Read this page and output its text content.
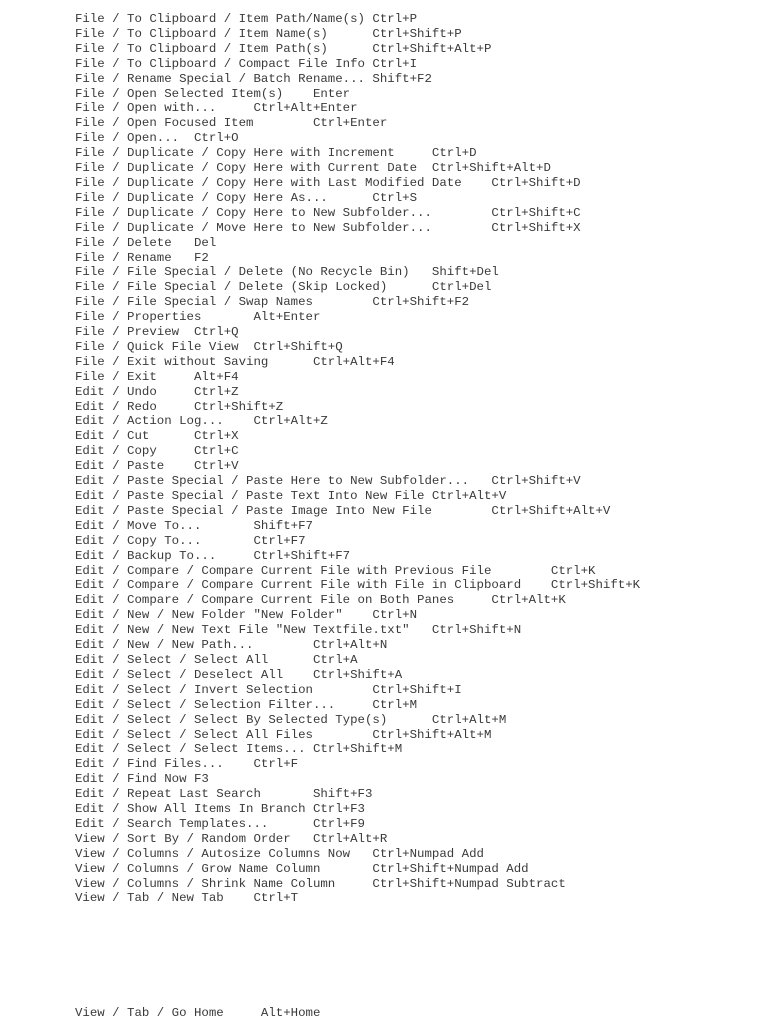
File / To Clipboard / Item Path/Name(s) Ctrl+P
File / To Clipboard / Item Name(s)      Ctrl+Shift+P
File / To Clipboard / Item Path(s)      Ctrl+Shift+Alt+P
File / To Clipboard / Compact File Info Ctrl+I
File / Rename Special / Batch Rename... Shift+F2
File / Open Selected Item(s)    Enter
File / Open with...     Ctrl+Alt+Enter
File / Open Focused Item        Ctrl+Enter
File / Open...  Ctrl+O
File / Duplicate / Copy Here with Increment     Ctrl+D
File / Duplicate / Copy Here with Current Date  Ctrl+Shift+Alt+D
File / Duplicate / Copy Here with Last Modified Date    Ctrl+Shift+D
File / Duplicate / Copy Here As...      Ctrl+S
File / Duplicate / Copy Here to New Subfolder...        Ctrl+Shift+C
File / Duplicate / Move Here to New Subfolder...        Ctrl+Shift+X
File / Delete   Del
File / Rename   F2
File / File Special / Delete (No Recycle Bin)   Shift+Del
File / File Special / Delete (Skip Locked)      Ctrl+Del
File / File Special / Swap Names        Ctrl+Shift+F2
File / Properties       Alt+Enter
File / Preview  Ctrl+Q
File / Quick File View  Ctrl+Shift+Q
File / Exit without Saving      Ctrl+Alt+F4
File / Exit     Alt+F4
Edit / Undo     Ctrl+Z
Edit / Redo     Ctrl+Shift+Z
Edit / Action Log...    Ctrl+Alt+Z
Edit / Cut      Ctrl+X
Edit / Copy     Ctrl+C
Edit / Paste    Ctrl+V
Edit / Paste Special / Paste Here to New Subfolder...   Ctrl+Shift+V
Edit / Paste Special / Paste Text Into New File Ctrl+Alt+V
Edit / Paste Special / Paste Image Into New File        Ctrl+Shift+Alt+V
Edit / Move To...       Shift+F7
Edit / Copy To...       Ctrl+F7
Edit / Backup To...     Ctrl+Shift+F7
Edit / Compare / Compare Current File with Previous File        Ctrl+K
Edit / Compare / Compare Current File with File in Clipboard    Ctrl+Shift+K
Edit / Compare / Compare Current File on Both Panes     Ctrl+Alt+K
Edit / New / New Folder "New Folder"    Ctrl+N
Edit / New / New Text File "New Textfile.txt"   Ctrl+Shift+N
Edit / New / New Path...        Ctrl+Alt+N
Edit / Select / Select All      Ctrl+A
Edit / Select / Deselect All    Ctrl+Shift+A
Edit / Select / Invert Selection        Ctrl+Shift+I
Edit / Select / Selection Filter...     Ctrl+M
Edit / Select / Select By Selected Type(s)      Ctrl+Alt+M
Edit / Select / Select All Files        Ctrl+Shift+Alt+M
Edit / Select / Select Items... Ctrl+Shift+M
Edit / Find Files...    Ctrl+F
Edit / Find Now F3
Edit / Repeat Last Search       Shift+F3
Edit / Show All Items In Branch Ctrl+F3
Edit / Search Templates...      Ctrl+F9
View / Sort By / Random Order   Ctrl+Alt+R
View / Columns / Autosize Columns Now   Ctrl+Numpad Add
View / Columns / Grow Name Column       Ctrl+Shift+Numpad Add
View / Columns / Shrink Name Column     Ctrl+Shift+Numpad Subtract
View / Tab / New Tab    Ctrl+T
View / Tab / Go Home     Alt+Home
